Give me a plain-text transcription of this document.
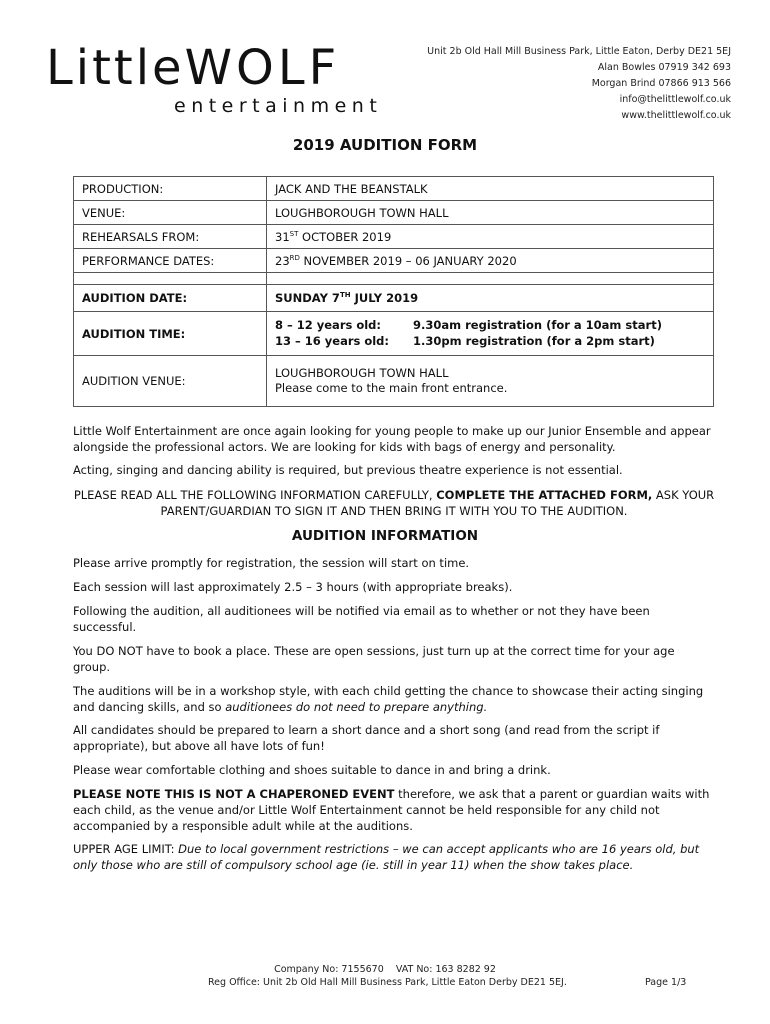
LittleWOLF
entertainment
Unit 2b Old Hall Mill Business Park, Little Eaton, Derby DE21 5EJ
Alan Bowles 07919 342 693
Morgan Brind 07866 913 566
info@thelittlewolf.co.uk
www.thelittlewolf.co.uk
2019 AUDITION FORM
PRODUCTION:	JACK AND THE BEANSTALK
VENUE:	LOUGHBOROUGH TOWN HALL
REHEARSALS FROM:	31ST OCTOBER 2019
PERFORMANCE DATES:	23RD NOVEMBER 2019 – 06 JANUARY 2020

AUDITION DATE:	SUNDAY 7TH JULY 2019
AUDITION TIME:	8 – 12 years old: 9.30am registration (for a 10am start)
13 – 16 years old: 1.30pm registration (for a 2pm start)

AUDITION VENUE:	LOUGHBOROUGH TOWN HALL
Please come to the main front entrance.

Little Wolf Entertainment are once again looking for young people to make up our Junior Ensemble and appear alongside the professional actors. We are looking for kids with bags of energy and personality.

Acting, singing and dancing ability is required, but previous theatre experience is not essential.

PLEASE READ ALL THE FOLLOWING INFORMATION CAREFULLY, COMPLETE THE ATTACHED FORM, ASK YOUR PARENT/GUARDIAN TO SIGN IT AND THEN BRING IT WITH YOU TO THE AUDITION.

AUDITION INFORMATION

Please arrive promptly for registration, the session will start on time.

Each session will last approximately 2.5 – 3 hours (with appropriate breaks).

Following the audition, all auditionees will be notified via email as to whether or not they have been successful.

You DO NOT have to book a place. These are open sessions, just turn up at the correct time for your age group.

The auditions will be in a workshop style, with each child getting the chance to showcase their acting singing and dancing skills, and so auditionees do not need to prepare anything.

All candidates should be prepared to learn a short dance and a short song (and read from the script if appropriate), but above all have lots of fun!

Please wear comfortable clothing and shoes suitable to dance in and bring a drink.

PLEASE NOTE THIS IS NOT A CHAPERONED EVENT therefore, we ask that a parent or guardian waits with each child, as the venue and/or Little Wolf Entertainment cannot be held responsible for any child not accompanied by a responsible adult while at the auditions.

UPPER AGE LIMIT: Due to local government restrictions – we can accept applicants who are 16 years old, but only those who are still of compulsory school age (ie. still in year 11) when the show takes place.

Company No: 7155670 VAT No: 163 8282 92
Reg Office: Unit 2b Old Hall Mill Business Park, Little Eaton Derby DE21 5EJ.	Page 1/3
